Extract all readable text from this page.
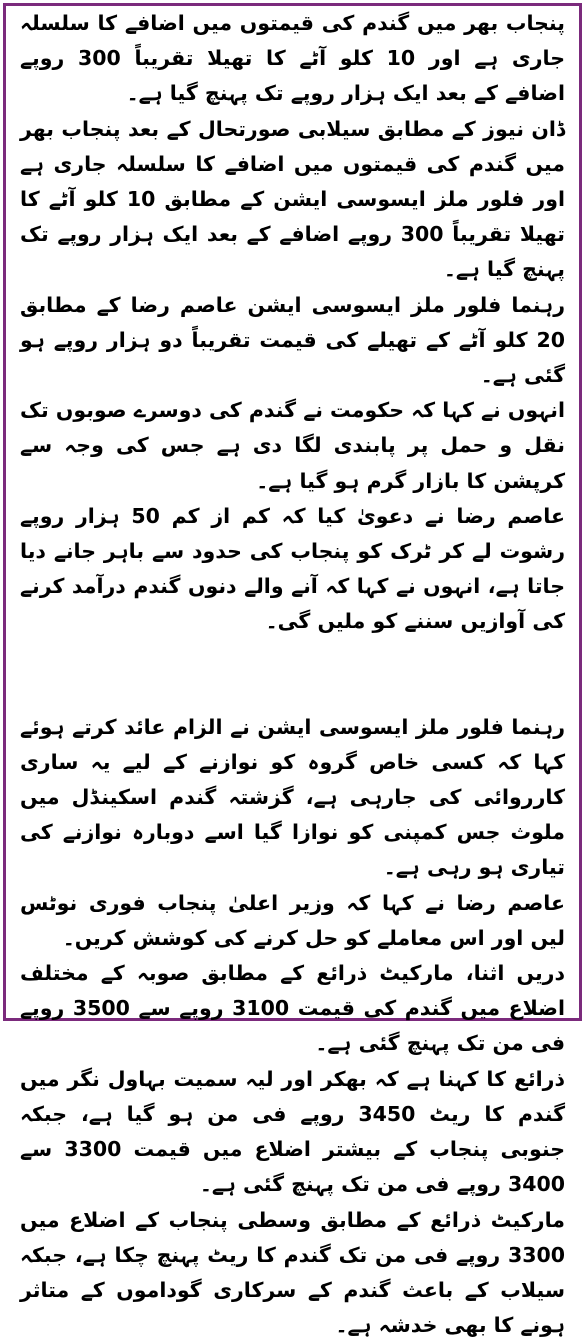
پنجاب بھر میں گندم کی قیمتوں میں اضافے کا سلسلہ جاری ہے اور 10 کلو آٹے کا تھیلا تقریباً 300 روپے اضافے کے بعد ایک ہزار روپے تک پہنچ گیا ہے۔

ڈان نیوز کے مطابق سیلابی صورتحال کے بعد پنجاب بھر میں گندم کی قیمتوں میں اضافے کا سلسلہ جاری ہے اور فلور ملز ایسوسی ایشن کے مطابق 10 کلو آٹے کا تھیلا تقریباً 300 روپے اضافے کے بعد ایک ہزار روپے تک پہنچ گیا ہے۔

رہنما فلور ملز ایسوسی ایشن عاصم رضا کے مطابق 20 کلو آٹے کے تھیلے کی قیمت تقریباً دو ہزار روپے ہو گئی ہے۔

انہوں نے کہا کہ حکومت نے گندم کی دوسرے صوبوں تک نقل و حمل پر پابندی لگا دی ہے جس کی وجہ سے کرپشن کا بازار گرم ہو گیا ہے۔

عاصم رضا نے دعویٰ کیا کہ کم از کم 50 ہزار روپے رشوت لے کر ٹرک کو پنجاب کی حدود سے باہر جانے دیا جاتا ہے، انہوں نے کہا کہ آنے والے دنوں گندم درآمد کرنے کی آوازیں سننے کو ملیں گی۔

رہنما فلور ملز ایسوسی ایشن نے الزام عائد کرتے ہوئے کہا کہ کسی خاص گروہ کو نوازنے کے لیے یہ ساری کارروائی کی جارہی ہے، گزشتہ گندم اسکینڈل میں ملوث جس کمپنی کو نوازا گیا اسے دوبارہ نوازنے کی تیاری ہو رہی ہے۔

عاصم رضا نے کہا کہ وزیر اعلیٰ پنجاب فوری نوٹس لیں اور اس معاملے کو حل کرنے کی کوشش کریں۔

دریں اثنا، مارکیٹ ذرائع کے مطابق صوبہ کے مختلف اضلاع میں گندم کی قیمت 3100 روپے سے 3500 روپے فی من تک پہنچ گئی ہے۔

ذرائع کا کہنا ہے کہ بھکر اور لیہ سمیت بہاول نگر میں گندم کا ریٹ 3450 روپے فی من ہو گیا ہے، جبکہ جنوبی پنجاب کے بیشتر اضلاع میں قیمت 3300 سے 3400 روپے فی من تک پہنچ گئی ہے۔

مارکیٹ ذرائع کے مطابق وسطی پنجاب کے اضلاع میں 3300 روپے فی من تک گندم کا ریٹ پہنچ چکا ہے، جبکہ سیلاب کے باعث گندم کے سرکاری گوداموں کے متاثر ہونے کا بھی خدشہ ہے۔
